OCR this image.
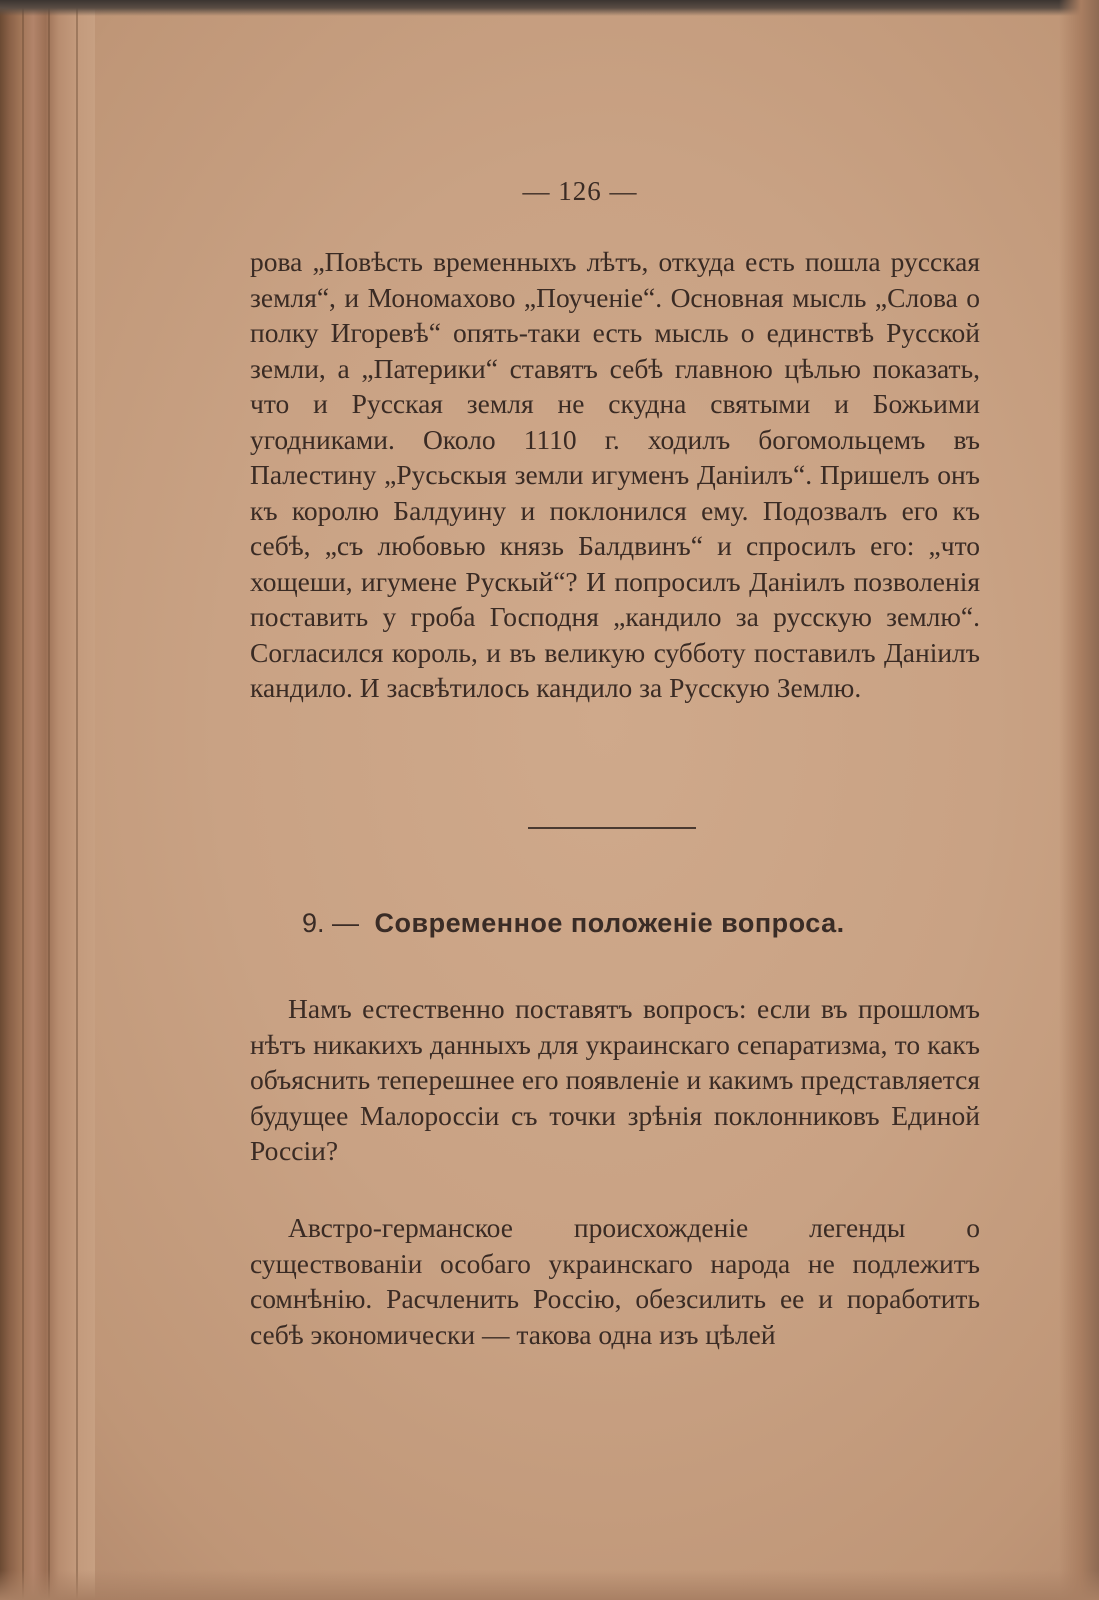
— 126 —

рова „Повѣсть временныхъ лѣтъ, откуда есть пошла русская земля“, и Мономахово „Поученіе“. Основная мысль „Слова о полку Игоревѣ“ опять-таки есть мысль о единствѣ Русской земли, а „Патерики“ ставятъ себѣ главною цѣлью показать, что и Русская земля не скудна святыми и Божьими угодниками. Около 1110 г. ходилъ богомольцемъ въ Палестину „Русьскыя земли игуменъ Даніилъ“. Пришелъ онъ къ королю Балдуину и поклонился ему. Подозвалъ его къ себѣ, „съ любовью князь Балдвинъ“ и спросилъ его: „что хощеши, игумене Рускый“? И попросилъ Даніилъ позволенія поставить у гроба Господня „кандило за русскую землю“. Согласился король, и въ великую субботу поставилъ Даніилъ кандило. И засвѣтилось кандило за Русскую Землю.

9. — Современное положеніе вопроса.

Намъ естественно поставятъ вопросъ: если въ прошломъ нѣтъ никакихъ данныхъ для украинскаго сепаратизма, то какъ объяснить теперешнее его появленіе и какимъ представляется будущее Малороссіи съ точки зрѣнія поклонниковъ Единой Россіи?

Австро-германское происхожденіе легенды о существованіи особаго украинскаго народа не подлежитъ сомнѣнію. Расчленить Россію, обезсилить ее и поработить себѣ экономически — такова одна изъ цѣлей
